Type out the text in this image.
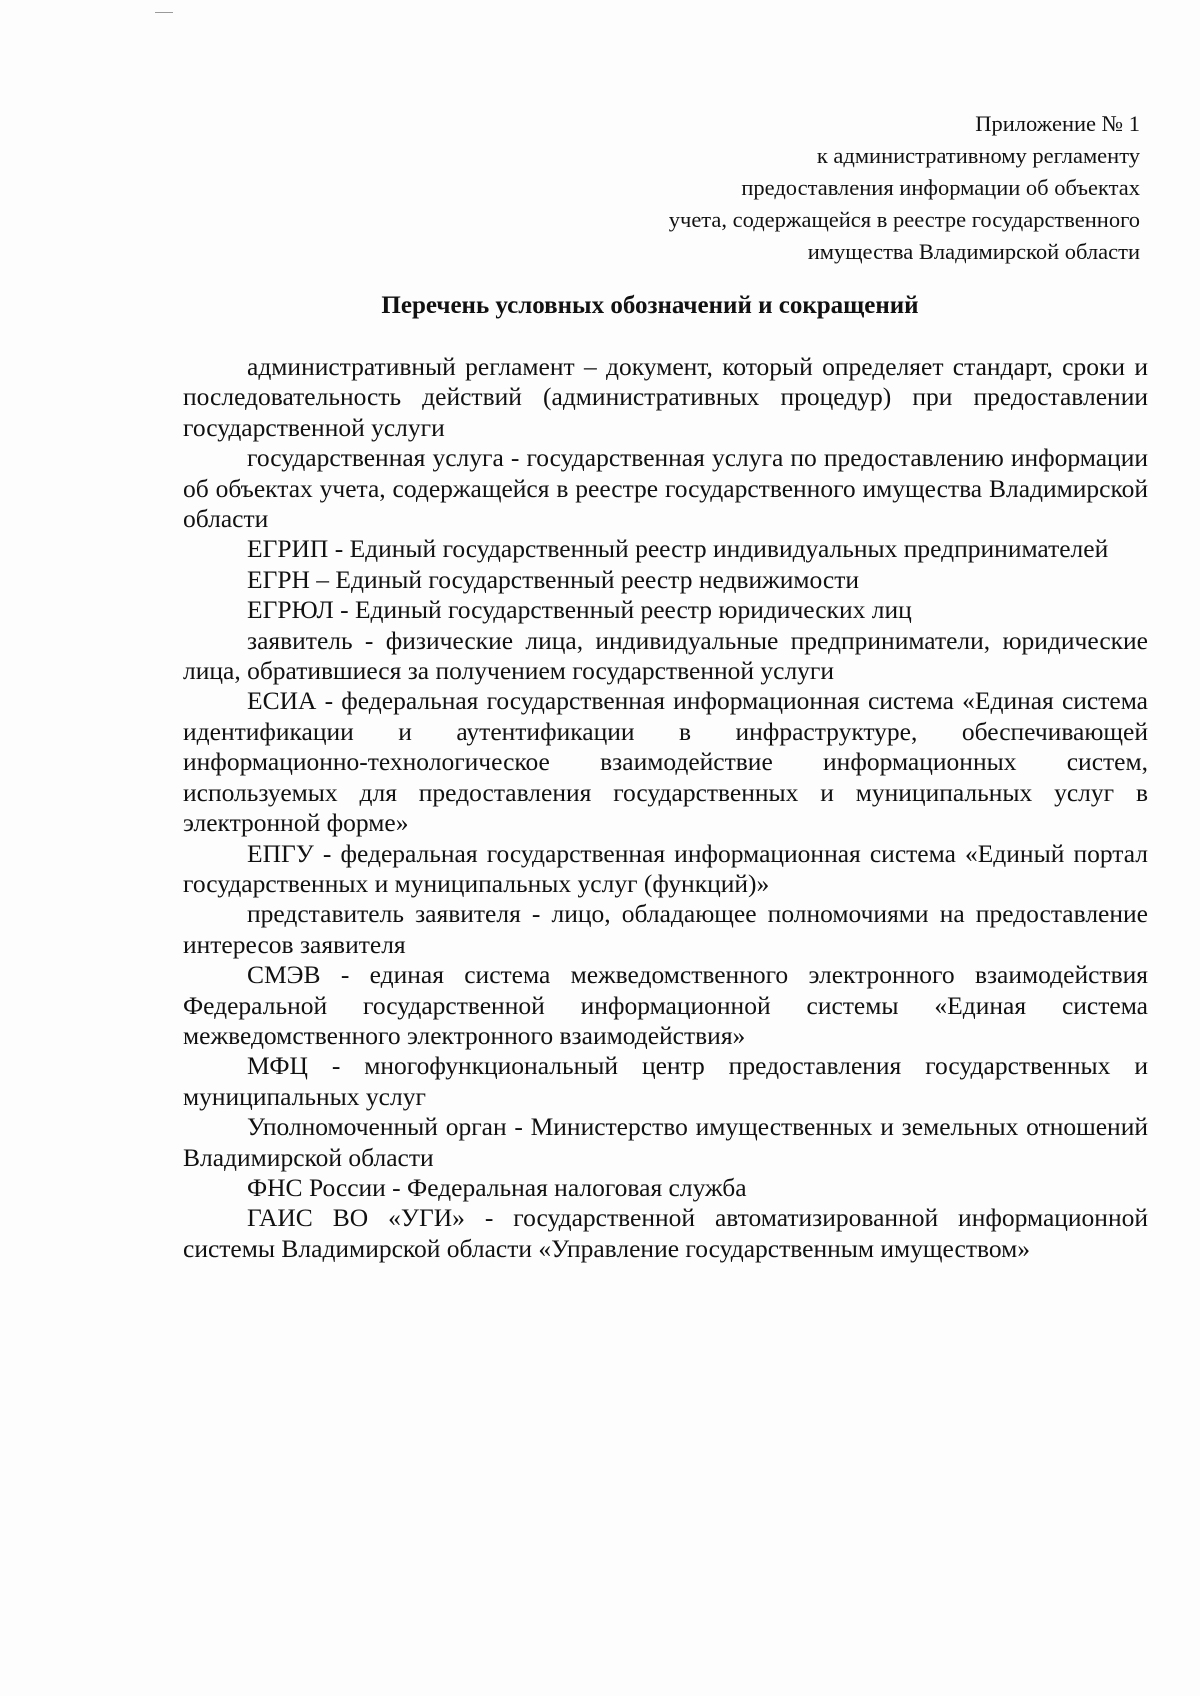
Приложение № 1
к административному регламенту
предоставления информации об объектах
учета, содержащейся в реестре государственного
имущества Владимирской области
Перечень условных обозначений и сокращений

административный регламент – документ, который определяет стандарт, сроки и последовательность действий (административных процедур) при предоставлении государственной услуги

государственная услуга - государственная услуга по предоставлению информации об объектах учета, содержащейся в реестре государственного имущества Владимирской области

ЕГРИП - Единый государственный реестр индивидуальных предпринимателей

ЕГРН – Единый государственный реестр недвижимости

ЕГРЮЛ - Единый государственный реестр юридических лиц

заявитель - физические лица, индивидуальные предприниматели, юридические лица, обратившиеся за получением государственной услуги

ЕСИА - федеральная государственная информационная система «Единая система идентификации и аутентификации в инфраструктуре, обеспечивающей информационно-технологическое взаимодействие информационных систем, используемых для предоставления государственных и муниципальных услуг в электронной форме»

ЕПГУ - федеральная государственная информационная система «Единый портал государственных и муниципальных услуг (функций)»

представитель заявителя - лицо, обладающее полномочиями на предоставление интересов заявителя

СМЭВ - единая система межведомственного электронного взаимодействия Федеральной государственной информационной системы «Единая система межведомственного электронного взаимодействия»

МФЦ - многофункциональный центр предоставления государственных и муниципальных услуг

Уполномоченный орган - Министерство имущественных и земельных отношений Владимирской области

ФНС России - Федеральная налоговая служба

ГАИС ВО «УГИ» - государственной автоматизированной информационной системы Владимирской области «Управление государственным имуществом»
